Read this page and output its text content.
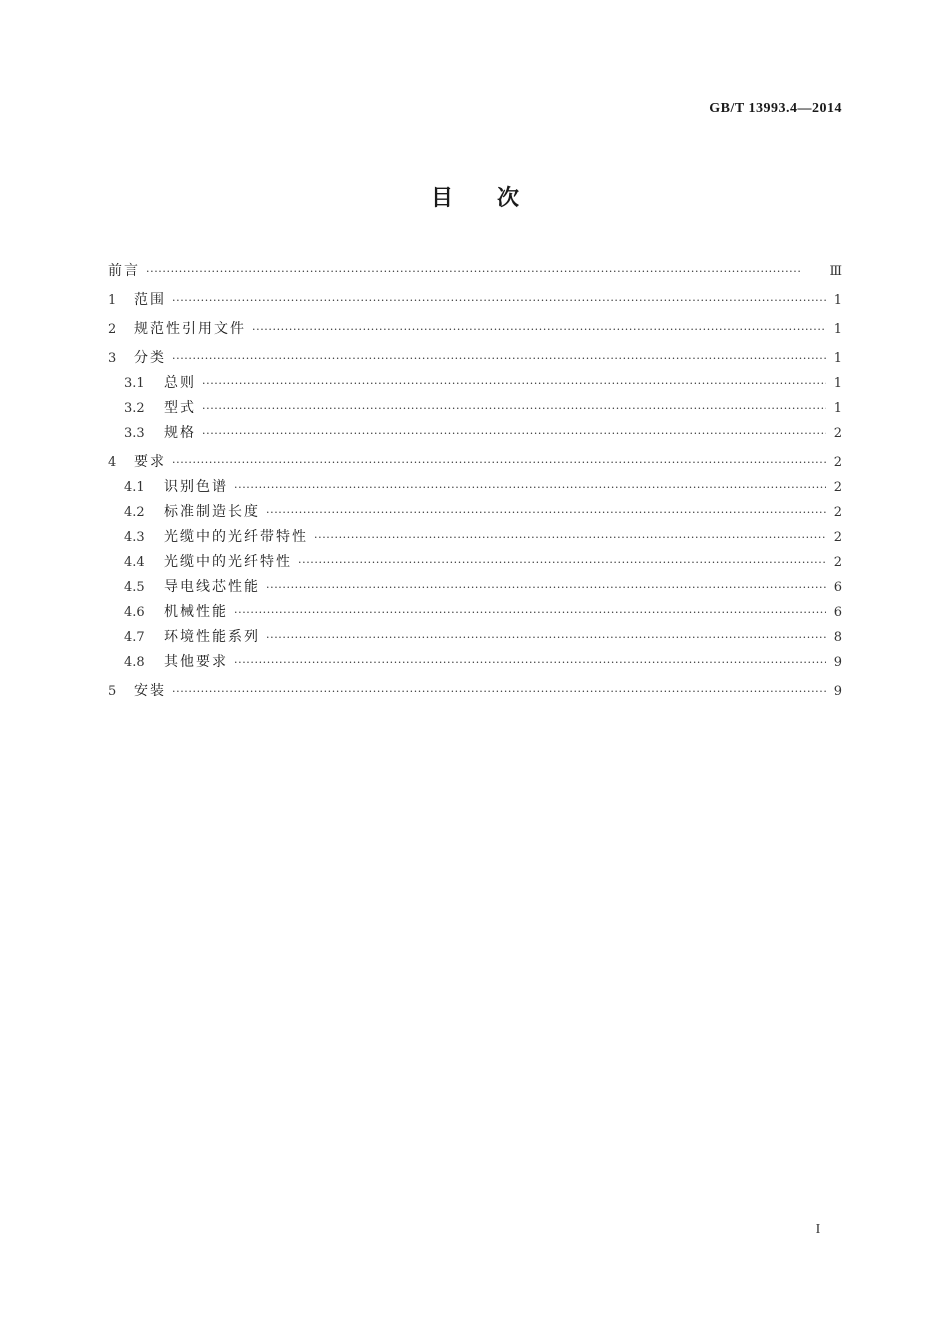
GB/T 13993.4—2014
目次
前言 ·····	Ⅲ
1	范围 ·····	1
2	规范性引用文件 ·····	1
3	分类 ·····	1
3.1	总则 ·····	1
3.2	型式 ·····	1
3.3	规格 ·····	2
4	要求 ·····	2
4.1	识别色谱 ·····	2
4.2	标准制造长度 ·····	2
4.3	光缆中的光纤带特性 ·····	2
4.4	光缆中的光纤特性 ·····	2
4.5	导电线芯性能 ·····	6
4.6	机械性能 ·····	6
4.7	环境性能系列 ·····	8
4.8	其他要求 ·····	9
5	安装 ·····	9
I
